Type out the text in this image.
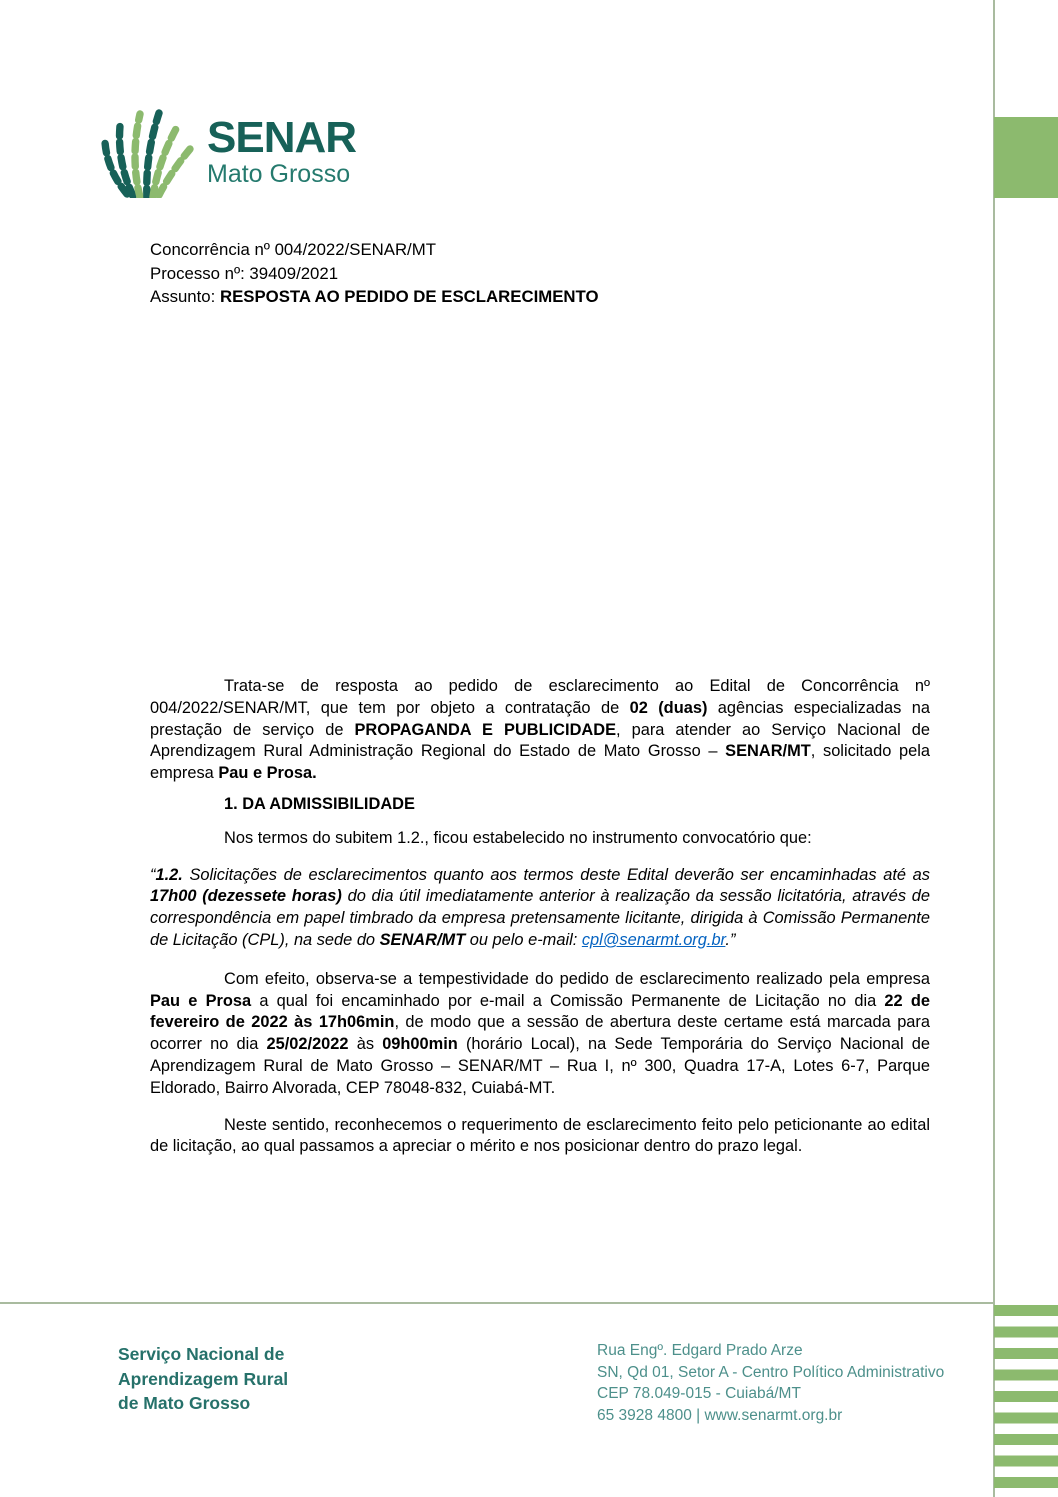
SENAR
Mato Grosso
Concorrência nº 004/2022/SENAR/MT
Processo nº: 39409/2021
Assunto: RESPOSTA AO PEDIDO DE ESCLARECIMENTO

Trata-se de resposta ao pedido de esclarecimento ao Edital de Concorrência nº 004/2022/SENAR/MT, que tem por objeto a contratação de 02 (duas) agências especializadas na prestação de serviço de PROPAGANDA E PUBLICIDADE, para atender ao Serviço Nacional de Aprendizagem Rural Administração Regional do Estado de Mato Grosso – SENAR/MT, solicitado pela empresa Pau e Prosa.

1. DA ADMISSIBILIDADE

Nos termos do subitem 1.2., ficou estabelecido no instrumento convocatório que:

“1.2. Solicitações de esclarecimentos quanto aos termos deste Edital deverão ser encaminhadas até as 17h00 (dezessete horas) do dia útil imediatamente anterior à realização da sessão licitatória, através de correspondência em papel timbrado da empresa pretensamente licitante, dirigida à Comissão Permanente de Licitação (CPL), na sede do SENAR/MT ou pelo e-mail: cpl@senarmt.org.br.”

Com efeito, observa-se a tempestividade do pedido de esclarecimento realizado pela empresa Pau e Prosa a qual foi encaminhado por e-mail a Comissão Permanente de Licitação no dia 22 de fevereiro de 2022 às 17h06min, de modo que a sessão de abertura deste certame está marcada para ocorrer no dia 25/02/2022 às 09h00min (horário Local), na Sede Temporária do Serviço Nacional de Aprendizagem Rural de Mato Grosso – SENAR/MT – Rua I, nº 300, Quadra 17-A, Lotes 6-7, Parque Eldorado, Bairro Alvorada, CEP 78048-832, Cuiabá-MT.

Neste sentido, reconhecemos o requerimento de esclarecimento feito pelo peticionante ao edital de licitação, ao qual passamos a apreciar o mérito e nos posicionar dentro do prazo legal.

Serviço Nacional de
Aprendizagem Rural
de Mato Grosso
Rua Engº. Edgard Prado Arze
SN, Qd 01, Setor A - Centro Político Administrativo
CEP 78.049-015 - Cuiabá/MT
65 3928 4800 | www.senarmt.org.br
